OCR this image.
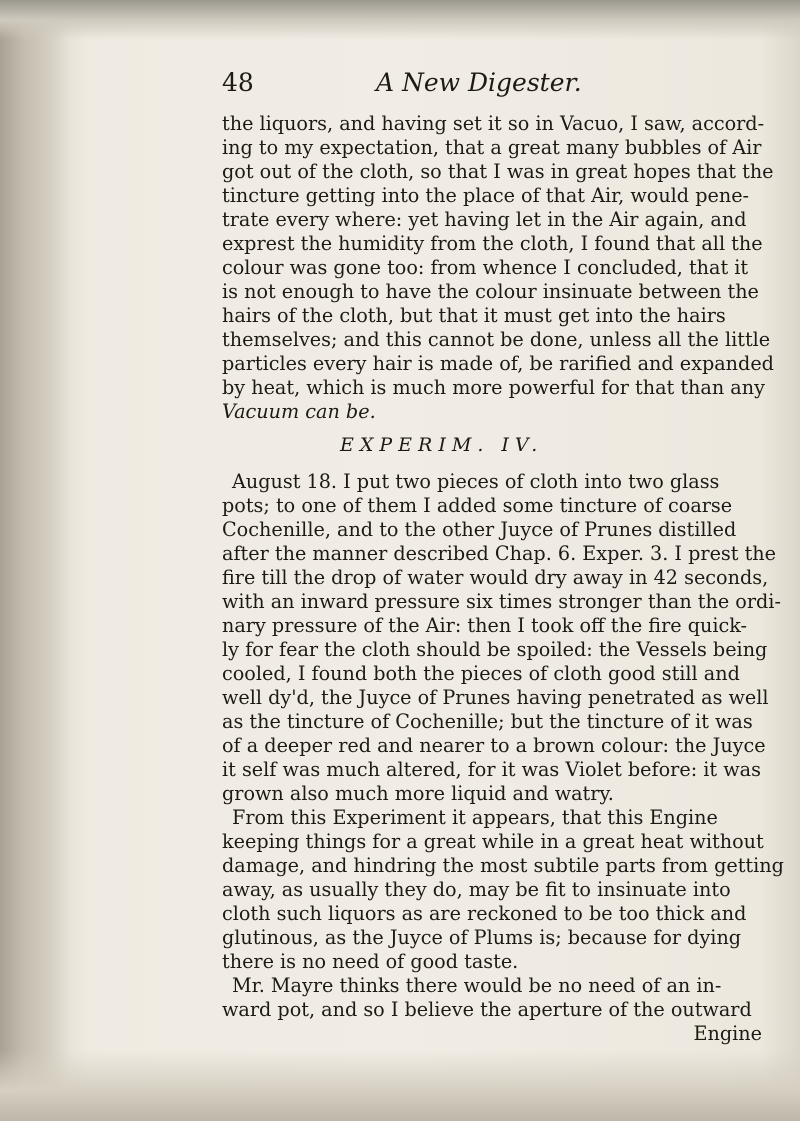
48	A New Digester.
the liquors, and having set it so in Vacuo, I saw, accord-
ing to my expectation, that a great many bubbles of Air
got out of the cloth, so that I was in great hopes that the
tincture getting into the place of that Air, would pene-
trate every where: yet having let in the Air again, and
exprest the humidity from the cloth, I found that all the
colour was gone too: from whence I concluded, that it
is not enough to have the colour insinuate between the
hairs of the cloth, but that it must get into the hairs
themselves; and this cannot be done, unless all the little
particles every hair is made of, be rarified and expanded
by heat, which is much more powerful for that than any
Vacuum can be.
EXPERIM. IV.
August 18. I put two pieces of cloth into two glass
pots; to one of them I added some tincture of coarse
Cochenille, and to the other Juyce of Prunes distilled
after the manner described Chap. 6. Exper. 3. I prest the
fire till the drop of water would dry away in 42 seconds,
with an inward pressure six times stronger than the ordi-
nary pressure of the Air: then I took off the fire quick-
ly for fear the cloth should be spoiled: the Vessels being
cooled, I found both the pieces of cloth good still and
well dy'd, the Juyce of Prunes having penetrated as well
as the tincture of Cochenille; but the tincture of it was
of a deeper red and nearer to a brown colour: the Juyce
it self was much altered, for it was Violet before: it was
grown also much more liquid and watry.
From this Experiment it appears, that this Engine
keeping things for a great while in a great heat without
damage, and hindring the most subtile parts from getting
away, as usually they do, may be fit to insinuate into
cloth such liquors as are reckoned to be too thick and
glutinous, as the Juyce of Plums is; because for dying
there is no need of good taste.
Mr. Mayre thinks there would be no need of an in-
ward pot, and so I believe the aperture of the outward
Engine
